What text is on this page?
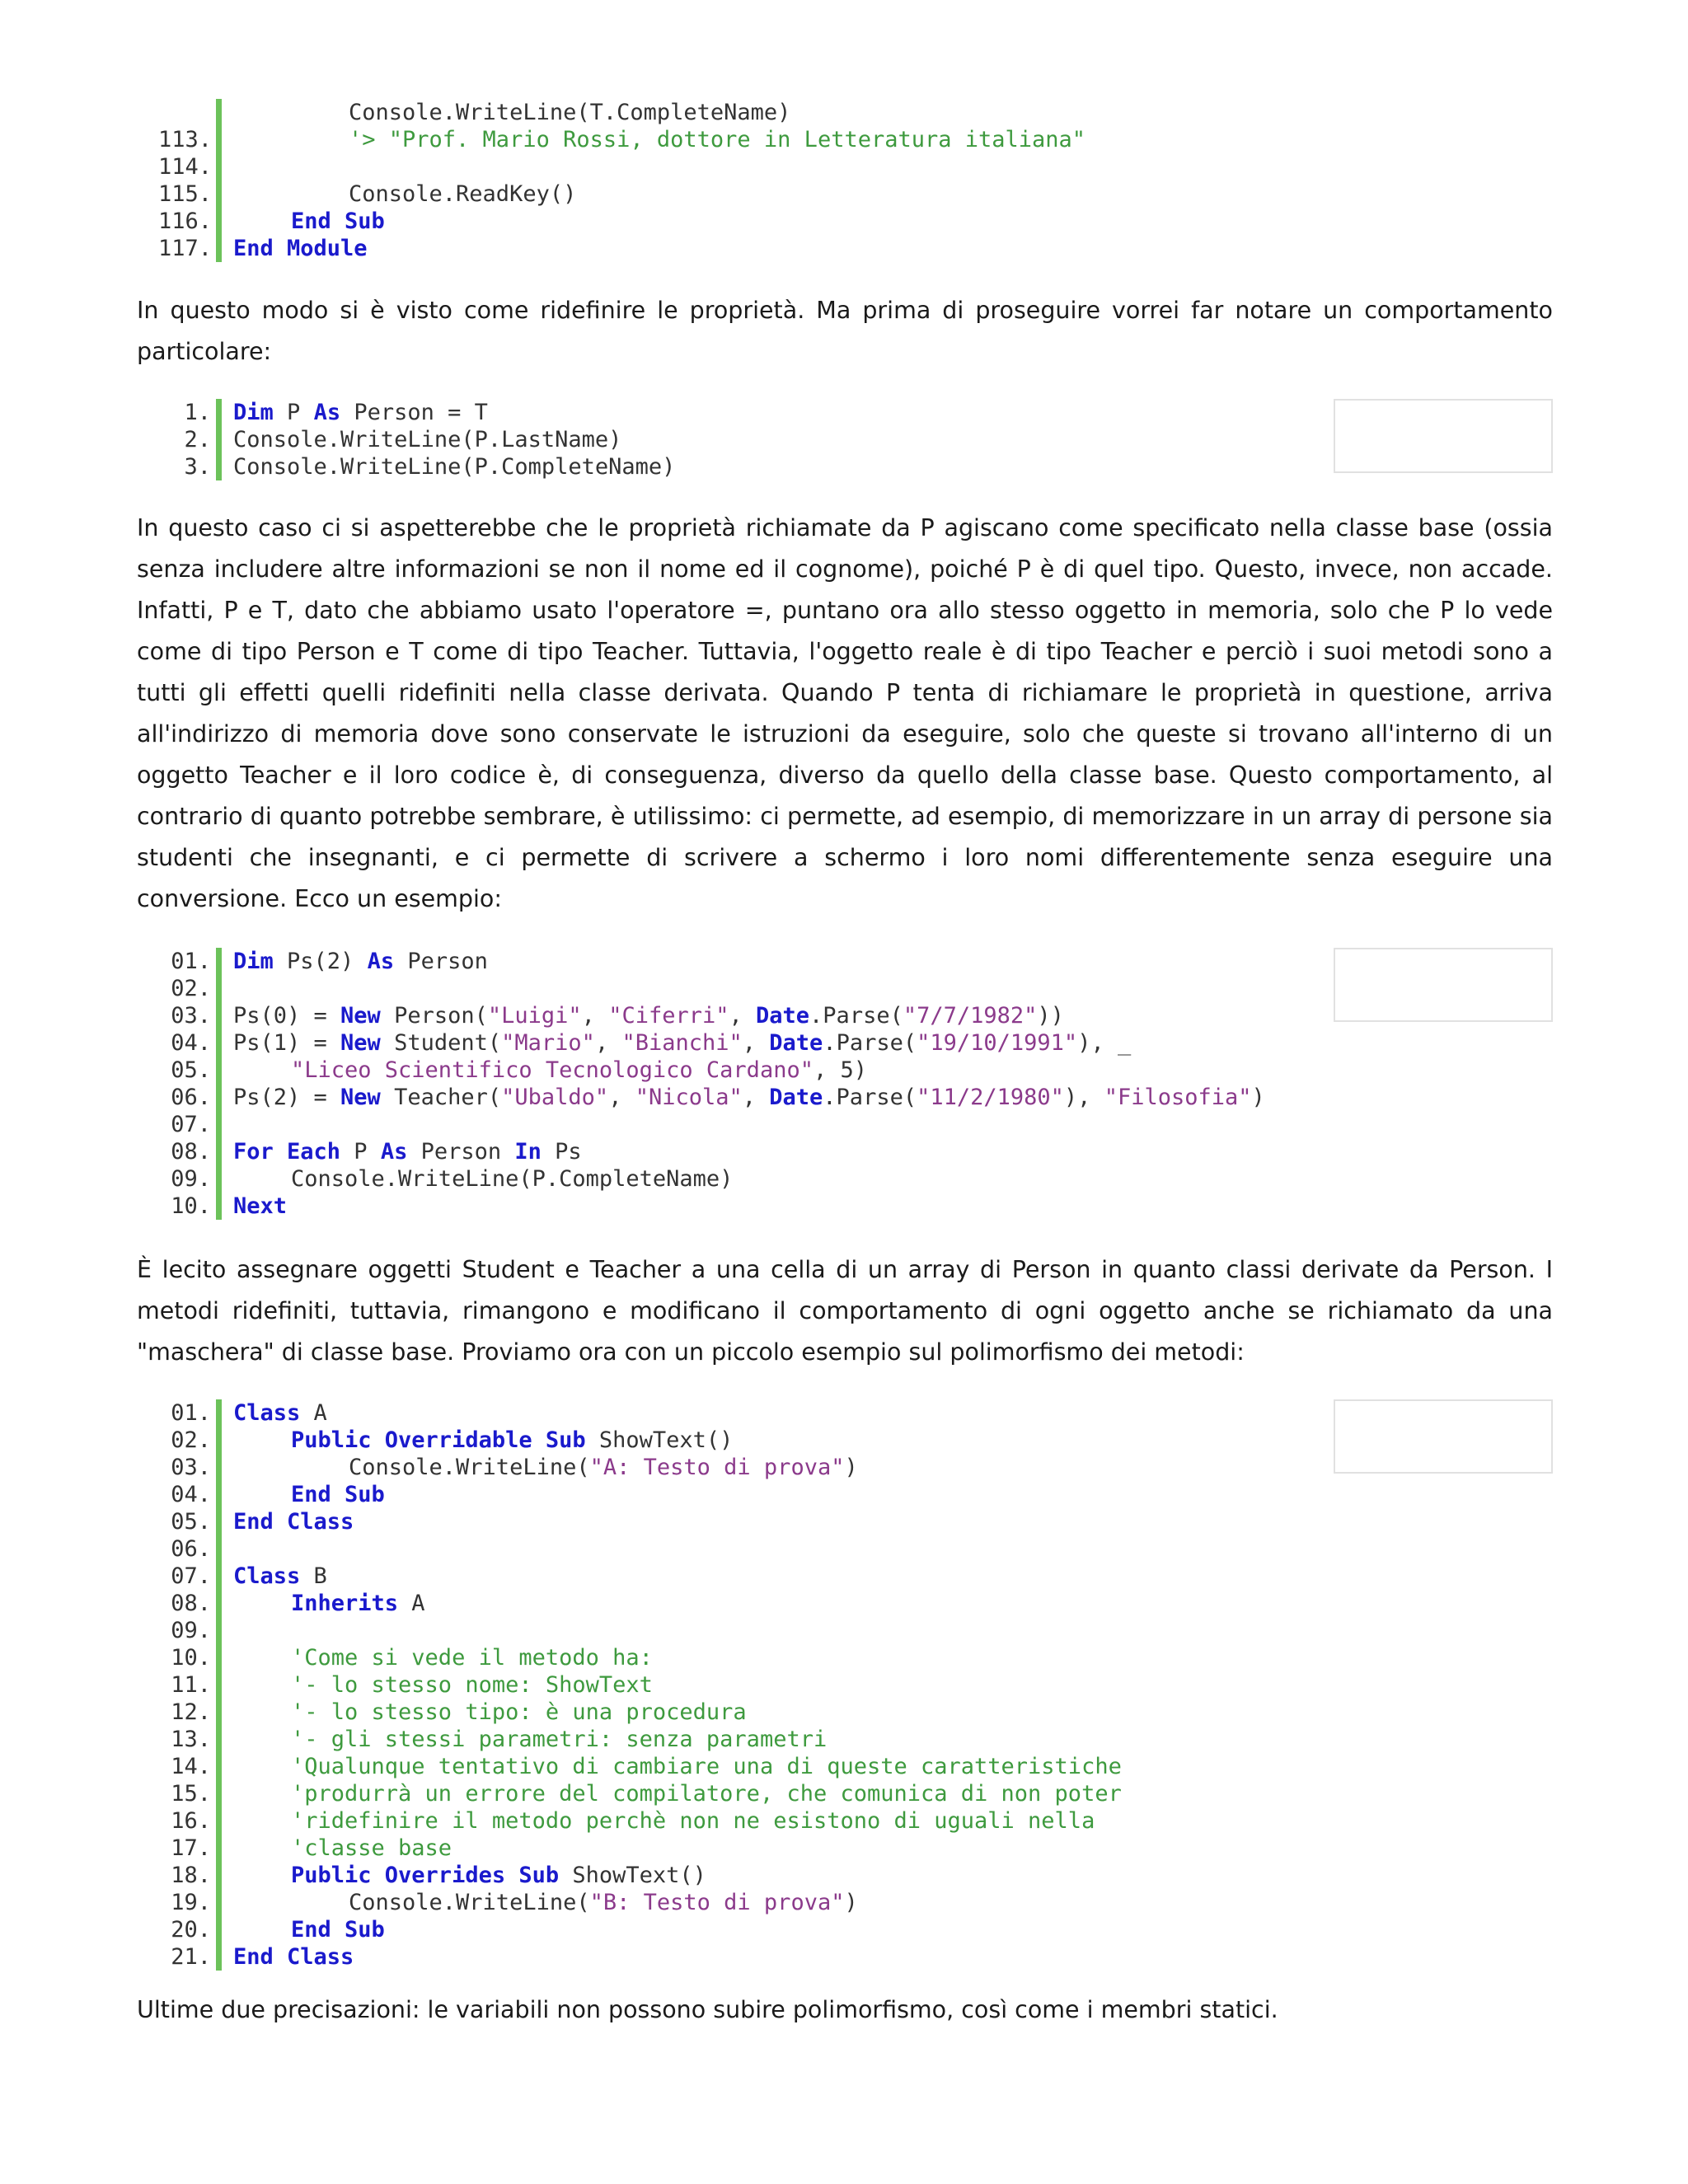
Console.WriteLine(T.CompleteName)
113.	'> "Prof. Mario Rossi, dottore in Letteratura italiana"
114.
115.	Console.ReadKey()
116.	End Sub
117. End Module

In questo modo si è visto come ridefinire le proprietà. Ma prima di proseguire vorrei far notare un comportamento particolare:

1. Dim P As Person = T
2. Console.WriteLine(P.LastName)
3. Console.WriteLine(P.CompleteName)

In questo caso ci si aspetterebbe che le proprietà richiamate da P agiscano come specificato nella classe base (ossia senza includere altre informazioni se non il nome ed il cognome), poiché P è di quel tipo. Questo, invece, non accade. Infatti, P e T, dato che abbiamo usato l'operatore =, puntano ora allo stesso oggetto in memoria, solo che P lo vede come di tipo Person e T come di tipo Teacher. Tuttavia, l'oggetto reale è di tipo Teacher e perciò i suoi metodi sono a tutti gli effetti quelli ridefiniti nella classe derivata. Quando P tenta di richiamare le proprietà in questione, arriva all'indirizzo di memoria dove sono conservate le istruzioni da eseguire, solo che queste si trovano all'interno di un oggetto Teacher e il loro codice è, di conseguenza, diverso da quello della classe base. Questo comportamento, al contrario di quanto potrebbe sembrare, è utilissimo: ci permette, ad esempio, di memorizzare in un array di persone sia studenti che insegnanti, e ci permette di scrivere a schermo i loro nomi differentemente senza eseguire una conversione. Ecco un esempio:

01. Dim Ps(2) As Person
02.
03. Ps(0) = New Person("Luigi", "Ciferri", Date.Parse("7/7/1982"))
04. Ps(1) = New Student("Mario", "Bianchi", Date.Parse("19/10/1991"), _
05.	"Liceo Scientifico Tecnologico Cardano", 5)
06. Ps(2) = New Teacher("Ubaldo", "Nicola", Date.Parse("11/2/1980"), "Filosofia")
07.
08. For Each P As Person In Ps
09.	Console.WriteLine(P.CompleteName)
10. Next

È lecito assegnare oggetti Student e Teacher a una cella di un array di Person in quanto classi derivate da Person. I metodi ridefiniti, tuttavia, rimangono e modificano il comportamento di ogni oggetto anche se richiamato da una "maschera" di classe base. Proviamo ora con un piccolo esempio sul polimorfismo dei metodi:

01. Class A
02.	Public Overridable Sub ShowText()
03.	Console.WriteLine("A: Testo di prova")
04.	End Sub
05. End Class
06.
07. Class B
08.	Inherits A
09.
10.	'Come si vede il metodo ha:
11.	'- lo stesso nome: ShowText
12.	'- lo stesso tipo: è una procedura
13.	'- gli stessi parametri: senza parametri
14.	'Qualunque tentativo di cambiare una di queste caratteristiche
15.	'produrrà un errore del compilatore, che comunica di non poter
16.	'ridefinire il metodo perchè non ne esistono di uguali nella
17.	'classe base
18.	Public Overrides Sub ShowText()
19.	Console.WriteLine("B: Testo di prova")
20.	End Sub
21. End Class

Ultime due precisazioni: le variabili non possono subire polimorfismo, così come i membri statici.
